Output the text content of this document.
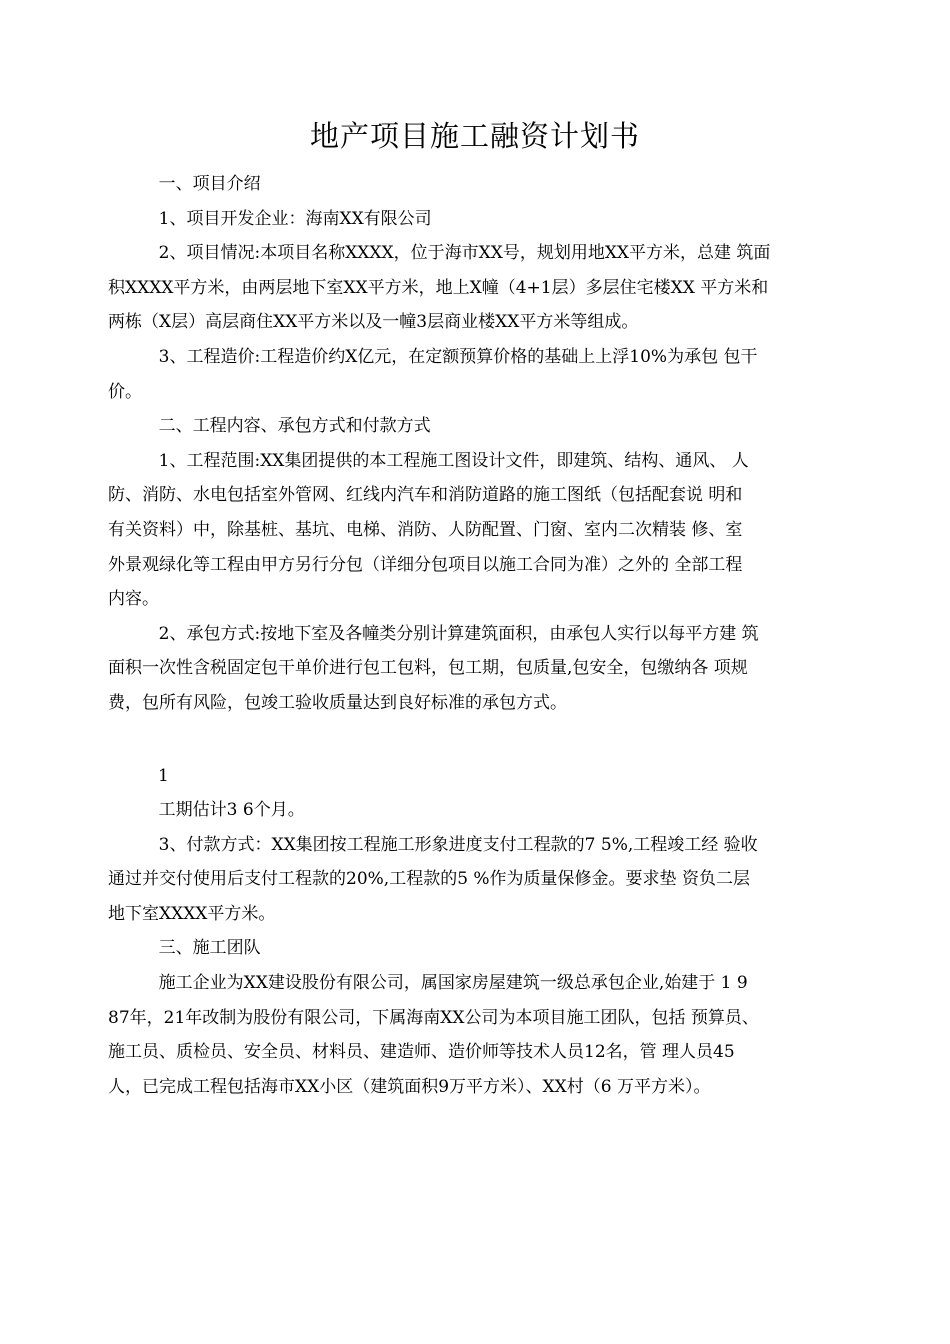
地产项目施工融资计划书

一、项目介绍

1、项目开发企业：海南XX有限公司

2、项目情况:本项目名称XXXX，位于海市XX号，规划用地XX平方米，总建 筑面
积XXXX平方米，由两层地下室XX平方米，地上X幢（4+1层）多层住宅楼XX 平方米和
两栋（X层）高层商住XX平方米以及一幢3层商业楼XX平方米等组成。

3、工程造价:工程造价约X亿元，在定额预算价格的基础上上浮10%为承包 包干
价。

二、工程内容、承包方式和付款方式

1、工程范围:XX集团提供的本工程施工图设计文件，即建筑、结构、通风、 人
防、消防、水电包括室外管网、红线内汽车和消防道路的施工图纸（包括配套说 明和
有关资料）中，除基桩、基坑、电梯、消防、人防配置、门窗、室内二次精装 修、室
外景观绿化等工程由甲方另行分包（详细分包项目以施工合同为准）之外的 全部工程
内容。

2、承包方式:按地下室及各幢类分别计算建筑面积，由承包人实行以每平方建 筑
面积一次性含税固定包干单价进行包工包料，包工期，包质量,包安全，包缴纳各 项规
费，包所有风险，包竣工验收质量达到良好标准的承包方式。

1

工期估计3 6个月。

3、付款方式：XX集团按工程施工形象进度支付工程款的7 5%,工程竣工经 验收
通过并交付使用后支付工程款的20%,工程款的5 %作为质量保修金。要求垫 资负二层
地下室XXXX平方米。

三、施工团队

施工企业为XX建设股份有限公司，属国家房屋建筑一级总承包企业,始建于 1 9
87年，21年改制为股份有限公司，下属海南XX公司为本项目施工团队，包括 预算员、
施工员、质检员、安全员、材料员、建造师、造价师等技术人员12名，管 理人员45
人，已完成工程包括海市XX小区（建筑面积9万平方米）、XX村（6 万平方米）。
